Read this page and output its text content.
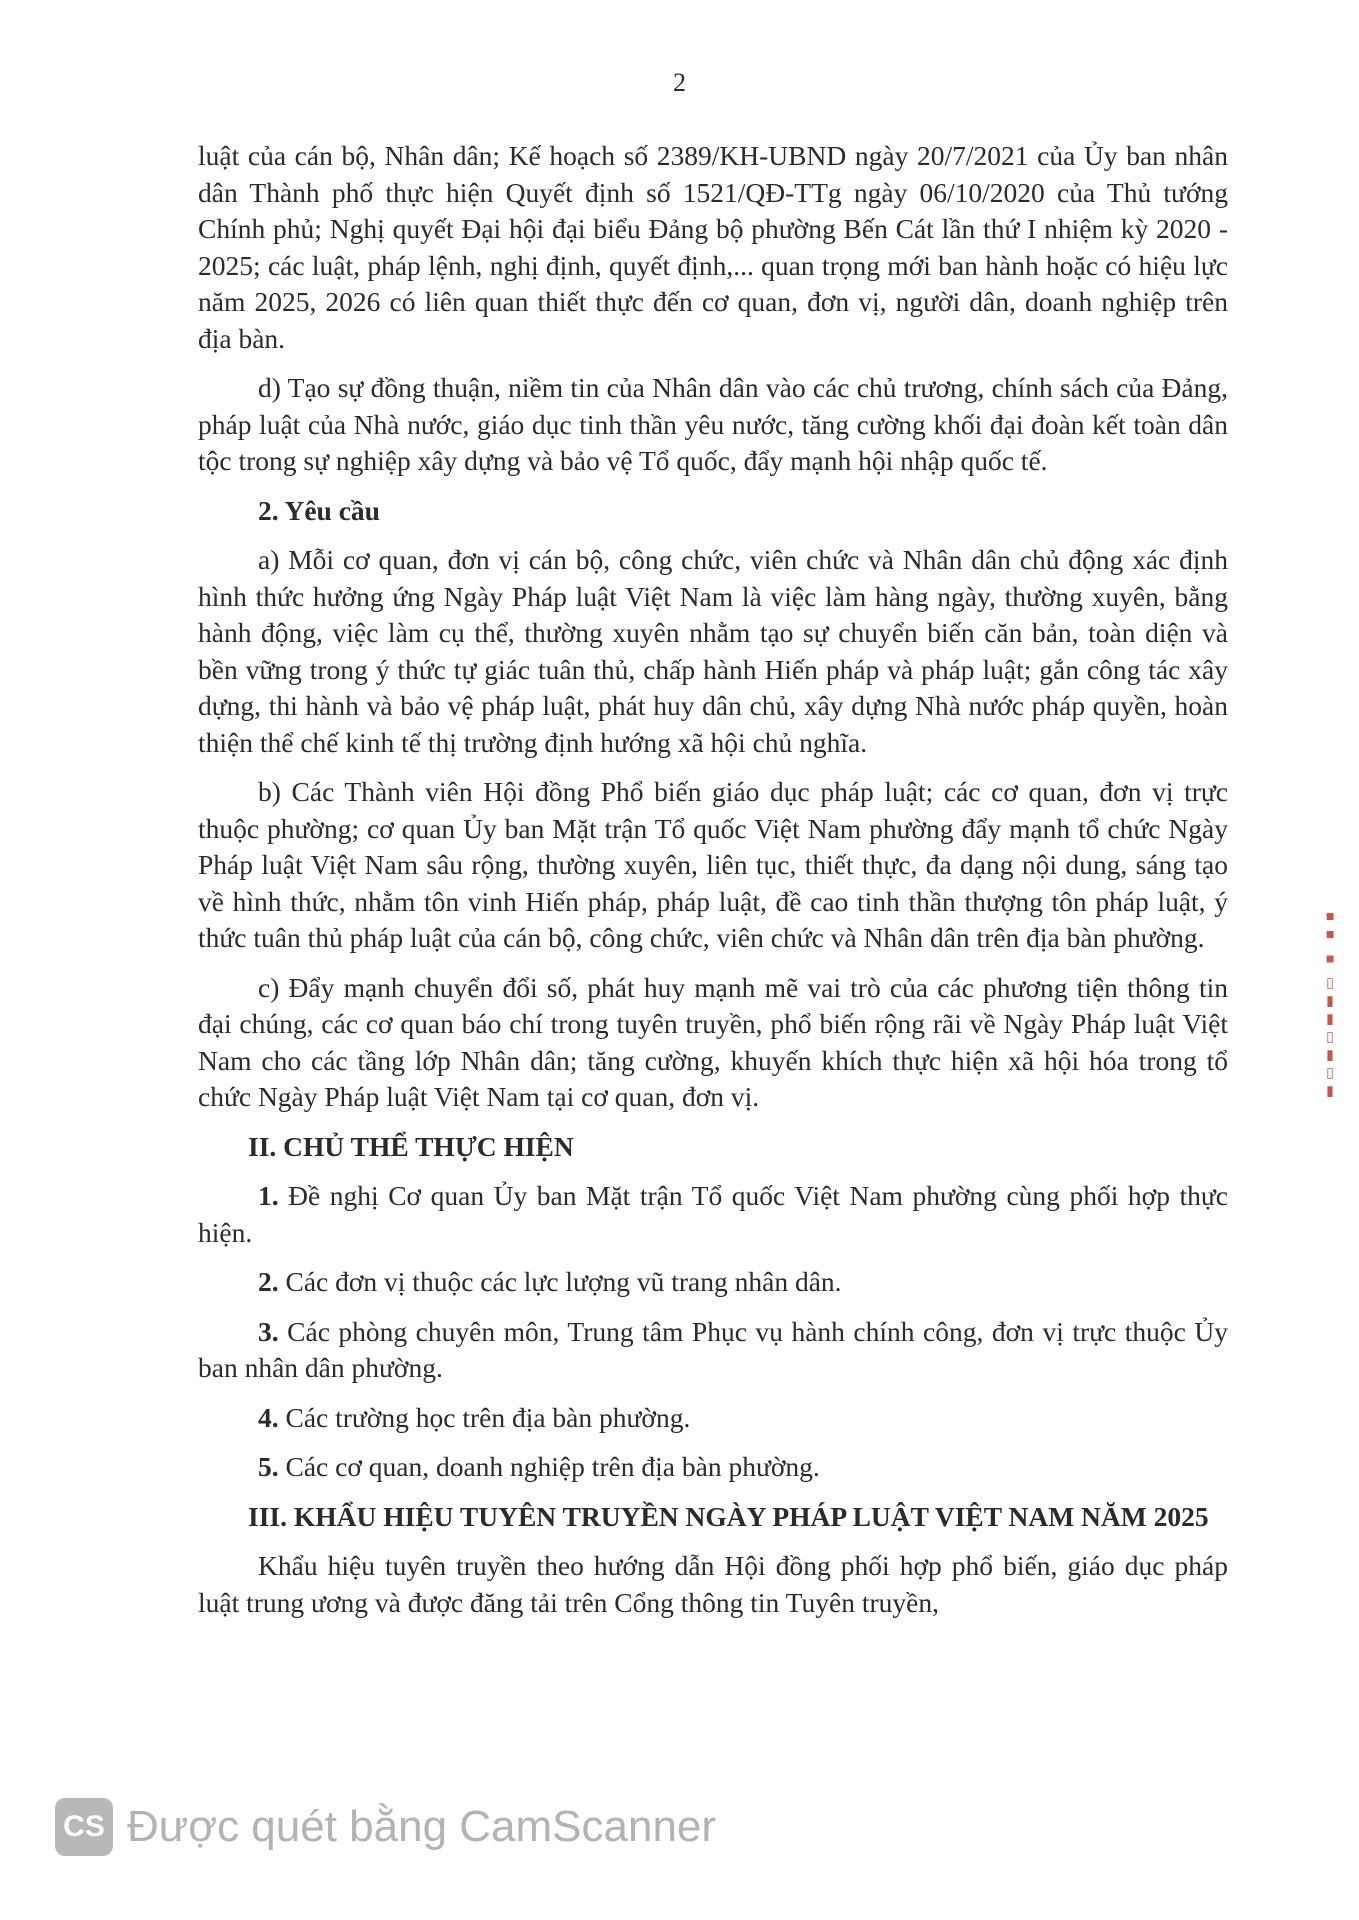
2

luật của cán bộ, Nhân dân; Kế hoạch số 2389/KH-UBND ngày 20/7/2021 của Ủy ban nhân dân Thành phố thực hiện Quyết định số 1521/QĐ-TTg ngày 06/10/2020 của Thủ tướng Chính phủ; Nghị quyết Đại hội đại biểu Đảng bộ phường Bến Cát lần thứ I nhiệm kỳ 2020 - 2025; các luật, pháp lệnh, nghị định, quyết định,... quan trọng mới ban hành hoặc có hiệu lực năm 2025, 2026 có liên quan thiết thực đến cơ quan, đơn vị, người dân, doanh nghiệp trên địa bàn.

d) Tạo sự đồng thuận, niềm tin của Nhân dân vào các chủ trương, chính sách của Đảng, pháp luật của Nhà nước, giáo dục tinh thần yêu nước, tăng cường khối đại đoàn kết toàn dân tộc trong sự nghiệp xây dựng và bảo vệ Tổ quốc, đẩy mạnh hội nhập quốc tế.

2. Yêu cầu

a) Mỗi cơ quan, đơn vị cán bộ, công chức, viên chức và Nhân dân chủ động xác định hình thức hưởng ứng Ngày Pháp luật Việt Nam là việc làm hàng ngày, thường xuyên, bằng hành động, việc làm cụ thể, thường xuyên nhằm tạo sự chuyển biến căn bản, toàn diện và bền vững trong ý thức tự giác tuân thủ, chấp hành Hiến pháp và pháp luật; gắn công tác xây dựng, thi hành và bảo vệ pháp luật, phát huy dân chủ, xây dựng Nhà nước pháp quyền, hoàn thiện thể chế kinh tế thị trường định hướng xã hội chủ nghĩa.

b) Các Thành viên Hội đồng Phổ biến giáo dục pháp luật; các cơ quan, đơn vị trực thuộc phường; cơ quan Ủy ban Mặt trận Tổ quốc Việt Nam phường đẩy mạnh tổ chức Ngày Pháp luật Việt Nam sâu rộng, thường xuyên, liên tục, thiết thực, đa dạng nội dung, sáng tạo về hình thức, nhằm tôn vinh Hiến pháp, pháp luật, đề cao tinh thần thượng tôn pháp luật, ý thức tuân thủ pháp luật của cán bộ, công chức, viên chức và Nhân dân trên địa bàn phường.

c) Đẩy mạnh chuyển đổi số, phát huy mạnh mẽ vai trò của các phương tiện thông tin đại chúng, các cơ quan báo chí trong tuyên truyền, phổ biến rộng rãi về Ngày Pháp luật Việt Nam cho các tầng lớp Nhân dân; tăng cường, khuyến khích thực hiện xã hội hóa trong tổ chức Ngày Pháp luật Việt Nam tại cơ quan, đơn vị.

II. CHỦ THỂ THỰC HIỆN

1. Đề nghị Cơ quan Ủy ban Mặt trận Tổ quốc Việt Nam phường cùng phối hợp thực hiện.

2. Các đơn vị thuộc các lực lượng vũ trang nhân dân.

3. Các phòng chuyên môn, Trung tâm Phục vụ hành chính công, đơn vị trực thuộc Ủy ban nhân dân phường.

4. Các trường học trên địa bàn phường.

5. Các cơ quan, doanh nghiệp trên địa bàn phường.

III. KHẨU HIỆU TUYÊN TRUYỀN NGÀY PHÁP LUẬT VIỆT NAM NĂM 2025

Khẩu hiệu tuyên truyền theo hướng dẫn Hội đồng phối hợp phổ biến, giáo dục pháp luật trung ương và được đăng tải trên Cổng thông tin Tuyên truyền,

▮▯▮▯▮▮▯ ▪ ▪▪
CS Được quét bằng CamScanner
